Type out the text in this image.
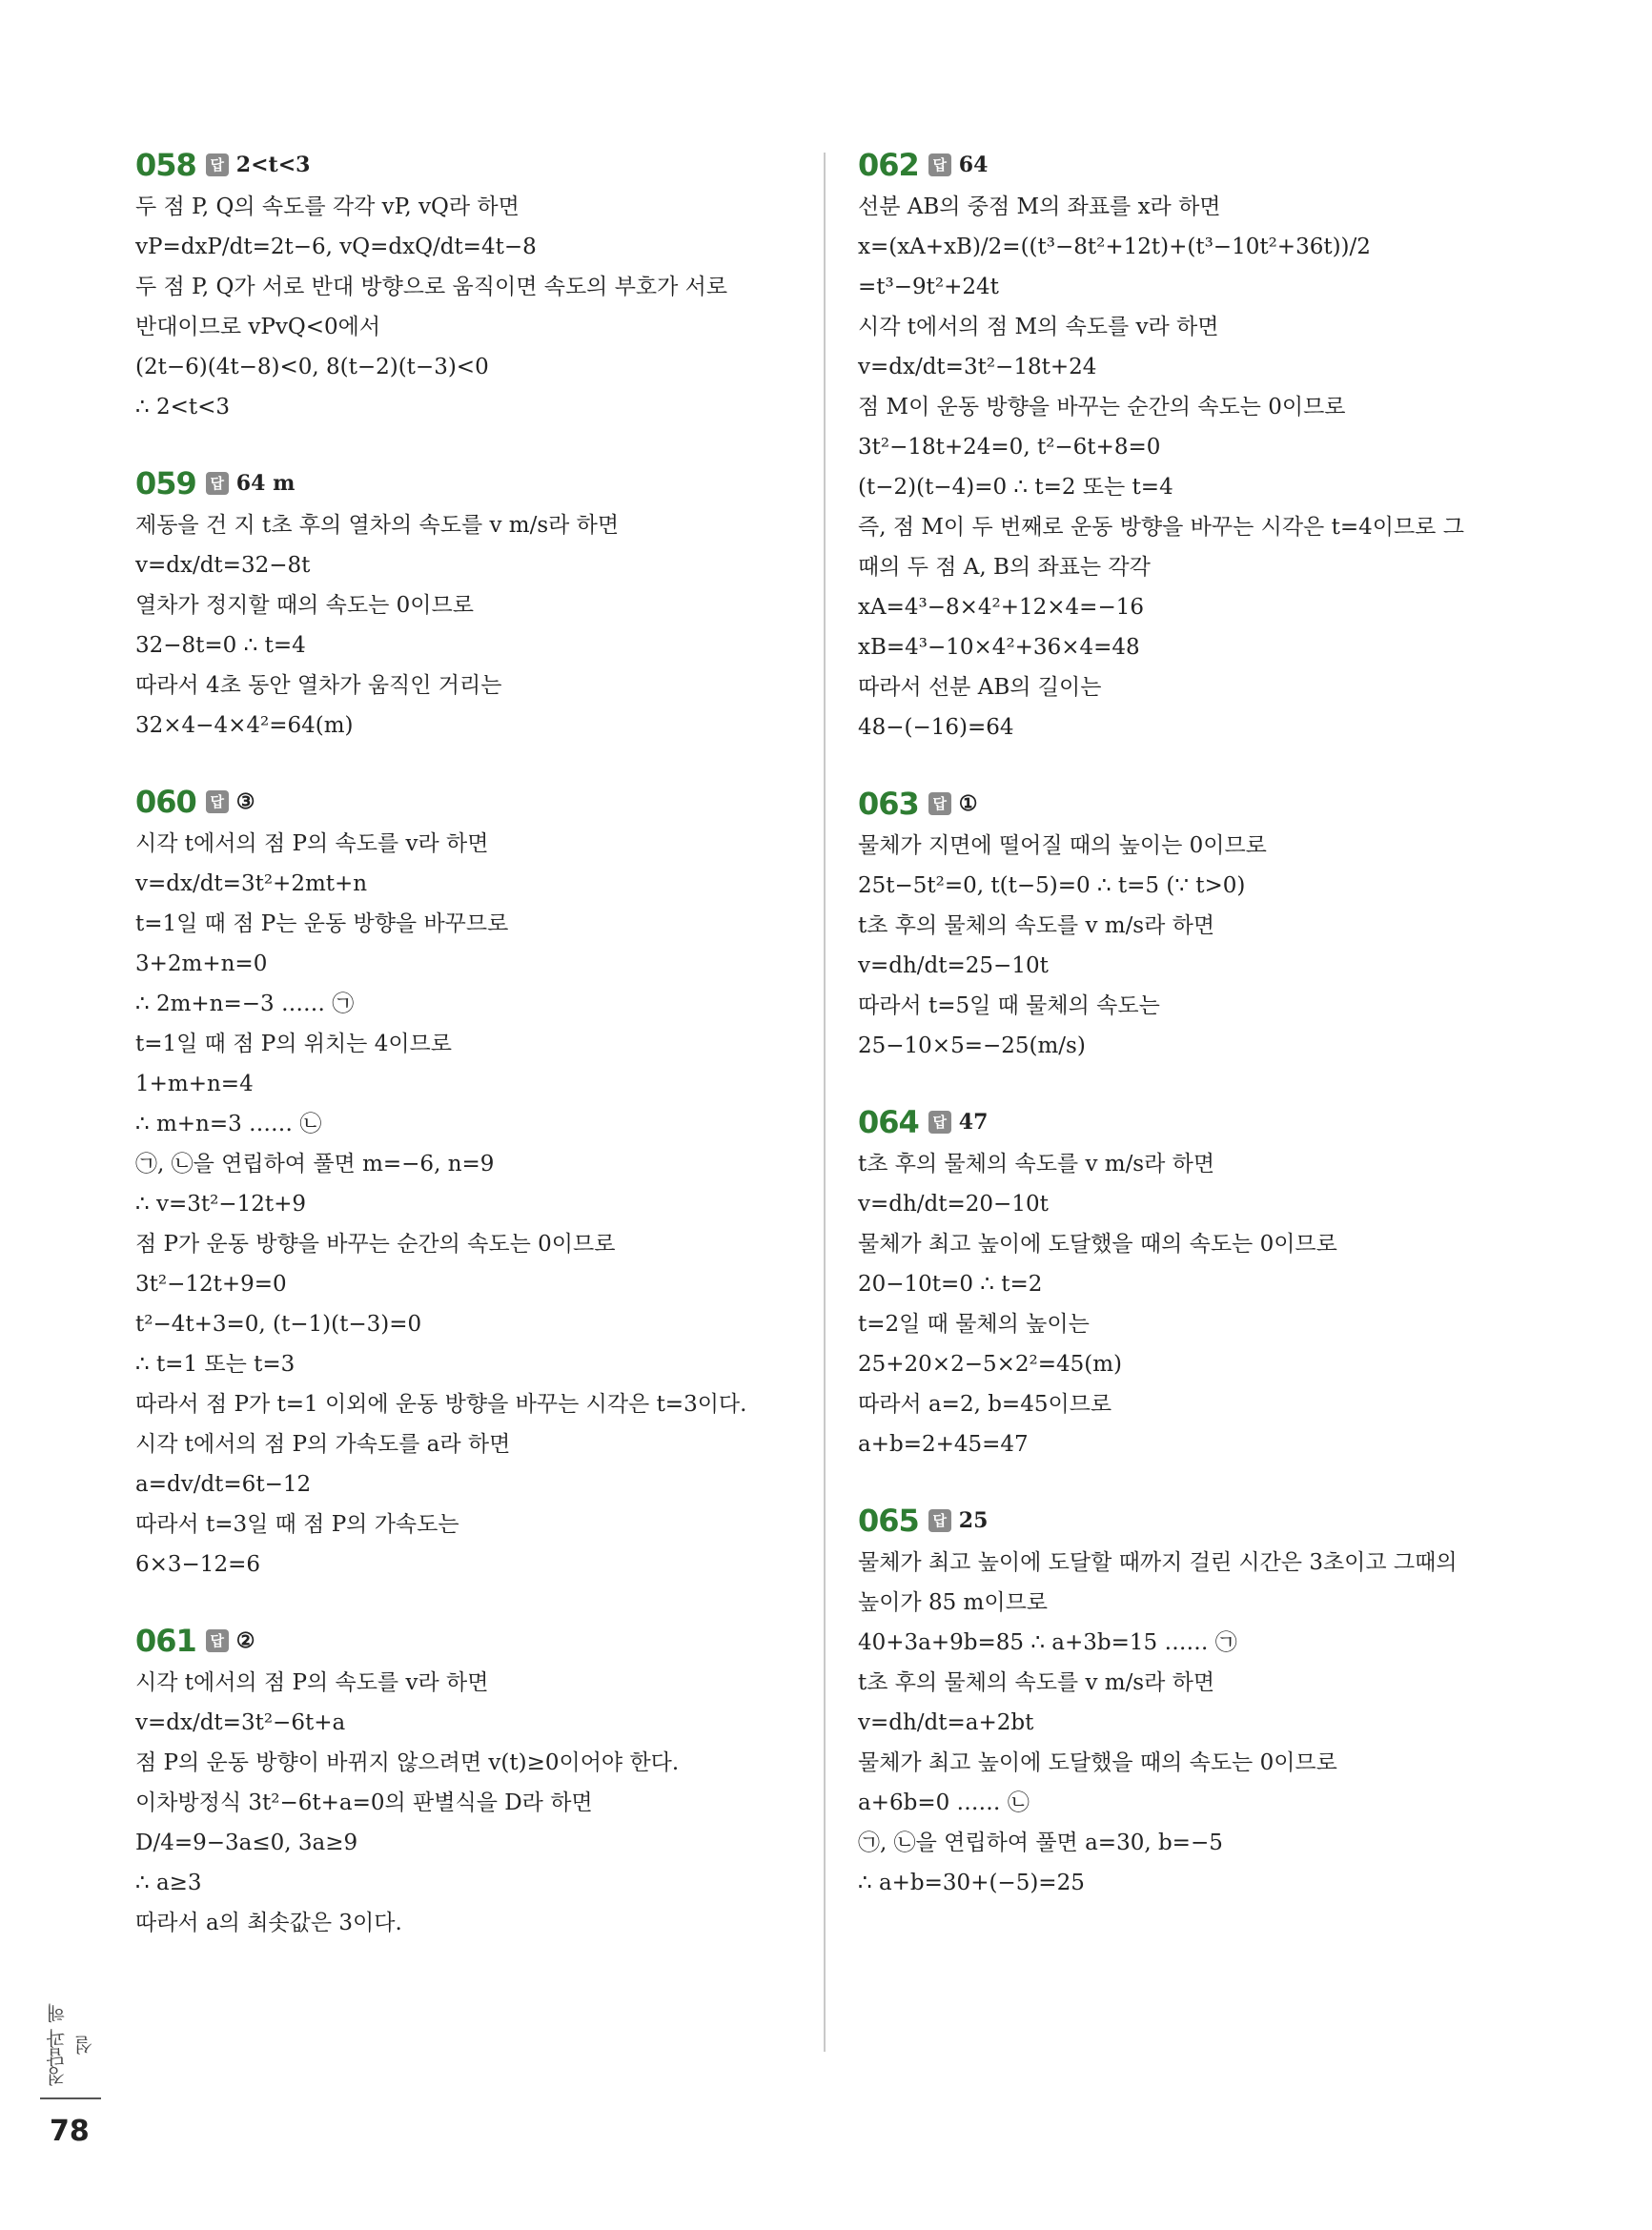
058 답 2<t<3
두 점 P, Q의 속도를 각각 vP, vQ라 하면
vP=dxP/dt=2t−6, vQ=dxQ/dt=4t−8
두 점 P, Q가 서로 반대 방향으로 움직이면 속도의 부호가 서로
반대이므로 vPvQ<0에서
(2t−6)(4t−8)<0, 8(t−2)(t−3)<0
∴ 2<t<3
059 답 64 m
제동을 건 지 t초 후의 열차의 속도를 v m/s라 하면
v=dx/dt=32−8t
열차가 정지할 때의 속도는 0이므로
32−8t=0 ∴ t=4
따라서 4초 동안 열차가 움직인 거리는
32×4−4×4²=64(m)
060 답 ③
시각 t에서의 점 P의 속도를 v라 하면
v=dx/dt=3t²+2mt+n
t=1일 때 점 P는 운동 방향을 바꾸므로
3+2m+n=0
∴ 2m+n=−3 …… ㉠
t=1일 때 점 P의 위치는 4이므로
1+m+n=4
∴ m+n=3 …… ㉡
㉠, ㉡을 연립하여 풀면 m=−6, n=9
∴ v=3t²−12t+9
점 P가 운동 방향을 바꾸는 순간의 속도는 0이므로
3t²−12t+9=0
t²−4t+3=0, (t−1)(t−3)=0
∴ t=1 또는 t=3
따라서 점 P가 t=1 이외에 운동 방향을 바꾸는 시각은 t=3이다.
시각 t에서의 점 P의 가속도를 a라 하면
a=dv/dt=6t−12
따라서 t=3일 때 점 P의 가속도는
6×3−12=6
061 답 ②
시각 t에서의 점 P의 속도를 v라 하면
v=dx/dt=3t²−6t+a
점 P의 운동 방향이 바뀌지 않으려면 v(t)≥0이어야 한다.
이차방정식 3t²−6t+a=0의 판별식을 D라 하면
D/4=9−3a≤0, 3a≥9
∴ a≥3
따라서 a의 최솟값은 3이다.
062 답 64
선분 AB의 중점 M의 좌표를 x라 하면
x=(xA+xB)/2=((t³−8t²+12t)+(t³−10t²+36t))/2
=t³−9t²+24t
시각 t에서의 점 M의 속도를 v라 하면
v=dx/dt=3t²−18t+24
점 M이 운동 방향을 바꾸는 순간의 속도는 0이므로
3t²−18t+24=0, t²−6t+8=0
(t−2)(t−4)=0 ∴ t=2 또는 t=4
즉, 점 M이 두 번째로 운동 방향을 바꾸는 시각은 t=4이므로 그
때의 두 점 A, B의 좌표는 각각
xA=4³−8×4²+12×4=−16
xB=4³−10×4²+36×4=48
따라서 선분 AB의 길이는
48−(−16)=64
063 답 ①
물체가 지면에 떨어질 때의 높이는 0이므로
25t−5t²=0, t(t−5)=0 ∴ t=5 (∵ t>0)
t초 후의 물체의 속도를 v m/s라 하면
v=dh/dt=25−10t
따라서 t=5일 때 물체의 속도는
25−10×5=−25(m/s)
064 답 47
t초 후의 물체의 속도를 v m/s라 하면
v=dh/dt=20−10t
물체가 최고 높이에 도달했을 때의 속도는 0이므로
20−10t=0 ∴ t=2
t=2일 때 물체의 높이는
25+20×2−5×2²=45(m)
따라서 a=2, b=45이므로
a+b=2+45=47
065 답 25
물체가 최고 높이에 도달할 때까지 걸린 시간은 3초이고 그때의
높이가 85 m이므로
40+3a+9b=85 ∴ a+3b=15 …… ㉠
t초 후의 물체의 속도를 v m/s라 하면
v=dh/dt=a+2bt
물체가 최고 높이에 도달했을 때의 속도는 0이므로
a+6b=0 …… ㉡
㉠, ㉡을 연립하여 풀면 a=30, b=−5
∴ a+b=30+(−5)=25
정답과 해설
78
